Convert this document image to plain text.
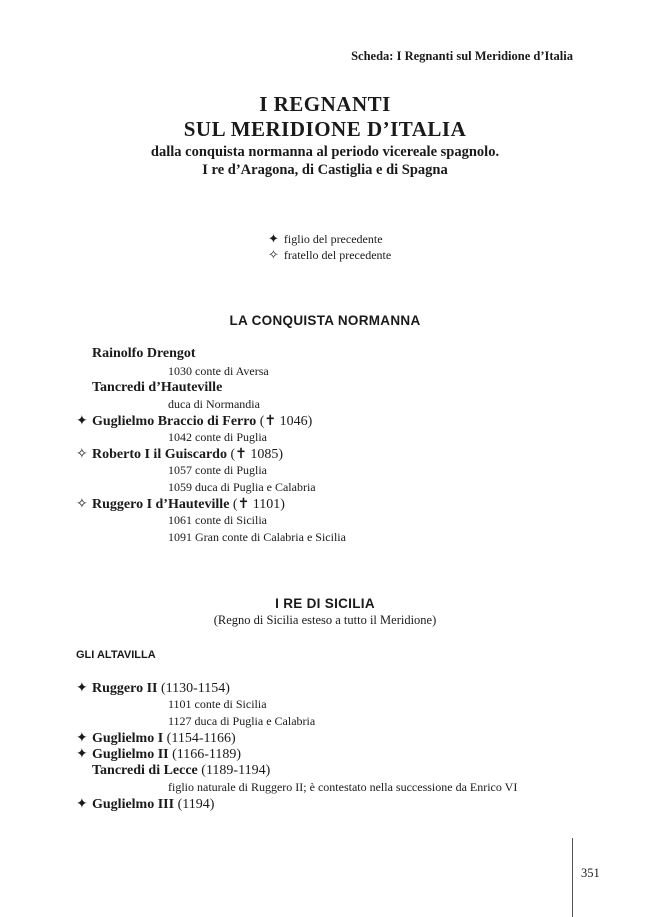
Scheda: I Regnanti sul Meridione d’Italia
I REGNANTI
SUL MERIDIONE D’ITALIA
dalla conquista normanna al periodo vicereale spagnolo.
I re d’Aragona, di Castiglia e di Spagna
✦ figlio del precedente
✧ fratello del precedente
LA CONQUISTA NORMANNA
Rainolfo Drengot
1030 conte di Aversa
Tancredi d’Hauteville
duca di Normandia
✦ Guglielmo Braccio di Ferro (✝ 1046)
1042 conte di Puglia
✧ Roberto I il Guiscardo (✝ 1085)
1057 conte di Puglia
1059 duca di Puglia e Calabria
✧ Ruggero I d’Hauteville (✝ 1101)
1061 conte di Sicilia
1091 Gran conte di Calabria e Sicilia
I RE DI SICILIA
(Regno di Sicilia esteso a tutto il Meridione)
GLI ALTAVILLA
✦ Ruggero II (1130-1154)
1101 conte di Sicilia
1127 duca di Puglia e Calabria
✦ Guglielmo I (1154-1166)
✦ Guglielmo II (1166-1189)
Tancredi di Lecce (1189-1194)
figlio naturale di Ruggero II; è contestato nella successione da Enrico VI
✦ Guglielmo III (1194)
351
